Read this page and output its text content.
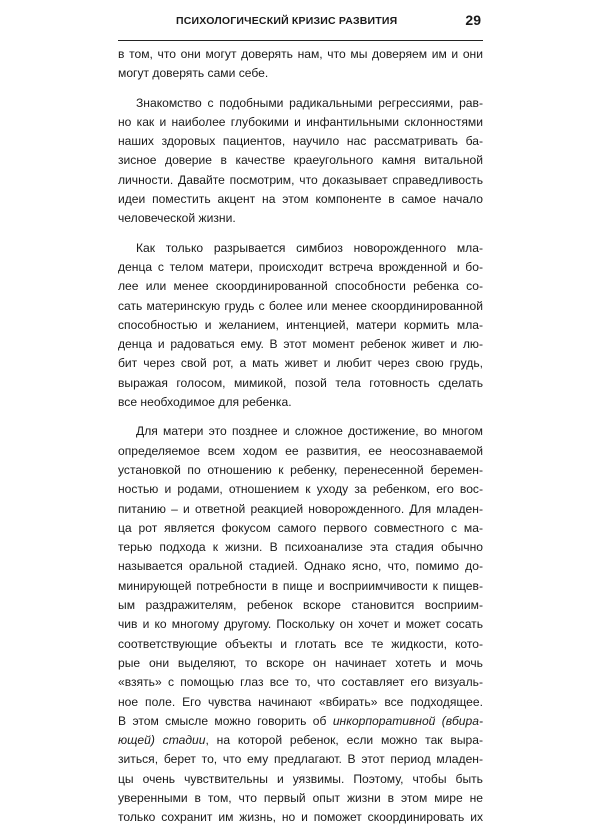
ПСИХОЛОГИЧЕСКИЙ КРИЗИС РАЗВИТИЯ	29

в том, что они могут доверять нам, что мы доверяем им и они
могут доверять сами себе.

Знакомство с подобными радикальными регрессиями, рав-
но как и наиболее глубокими и инфантильными склонностями
наших здоровых пациентов, научило нас рассматривать ба-
зисное доверие в качестве краеугольного камня витальной
личности. Давайте посмотрим, что доказывает справедливость
идеи поместить акцент на этом компоненте в самое начало
человеческой жизни.

Как только разрывается симбиоз новорожденного мла-
денца с телом матери, происходит встреча врожденной и бо-
лее или менее скоординированной способности ребенка со-
сать материнскую грудь с более или менее скоординированной
способностью и желанием, интенцией, матери кормить мла-
денца и радоваться ему. В этот момент ребенок живет и лю-
бит через свой рот, а мать живет и любит через свою грудь,
выражая голосом, мимикой, позой тела готовность сделать
все необходимое для ребенка.

Для матери это позднее и сложное достижение, во многом
определяемое всем ходом ее развития, ее неосознаваемой
установкой по отношению к ребенку, перенесенной беремен-
ностью и родами, отношением к уходу за ребенком, его вос-
питанию – и ответной реакцией новорожденного. Для младен-
ца рот является фокусом самого первого совместного с ма-
терью подхода к жизни. В психоанализе эта стадия обычно
называется оральной стадией. Однако ясно, что, помимо до-
минирующей потребности в пище и восприимчивости к пищев-
ым раздражителям, ребенок вскоре становится восприим-
чив и ко многому другому. Поскольку он хочет и может сосать
соответствующие объекты и глотать все те жидкости, кото-
рые они выделяют, то вскоре он начинает хотеть и мочь
«взять» с помощью глаз все то, что составляет его визуаль-
ное поле. Его чувства начинают «вбирать» все подходящее.
В этом смысле можно говорить об инкорпоративной (вбира-
ющей) стадии, на которой ребенок, если можно так выра-
зиться, берет то, что ему предлагают. В этот период младен-
цы очень чувствительны и уязвимы. Поэтому, чтобы быть
уверенными в том, что первый опыт жизни в этом мире не
только сохранит им жизнь, но и поможет скоординировать их
